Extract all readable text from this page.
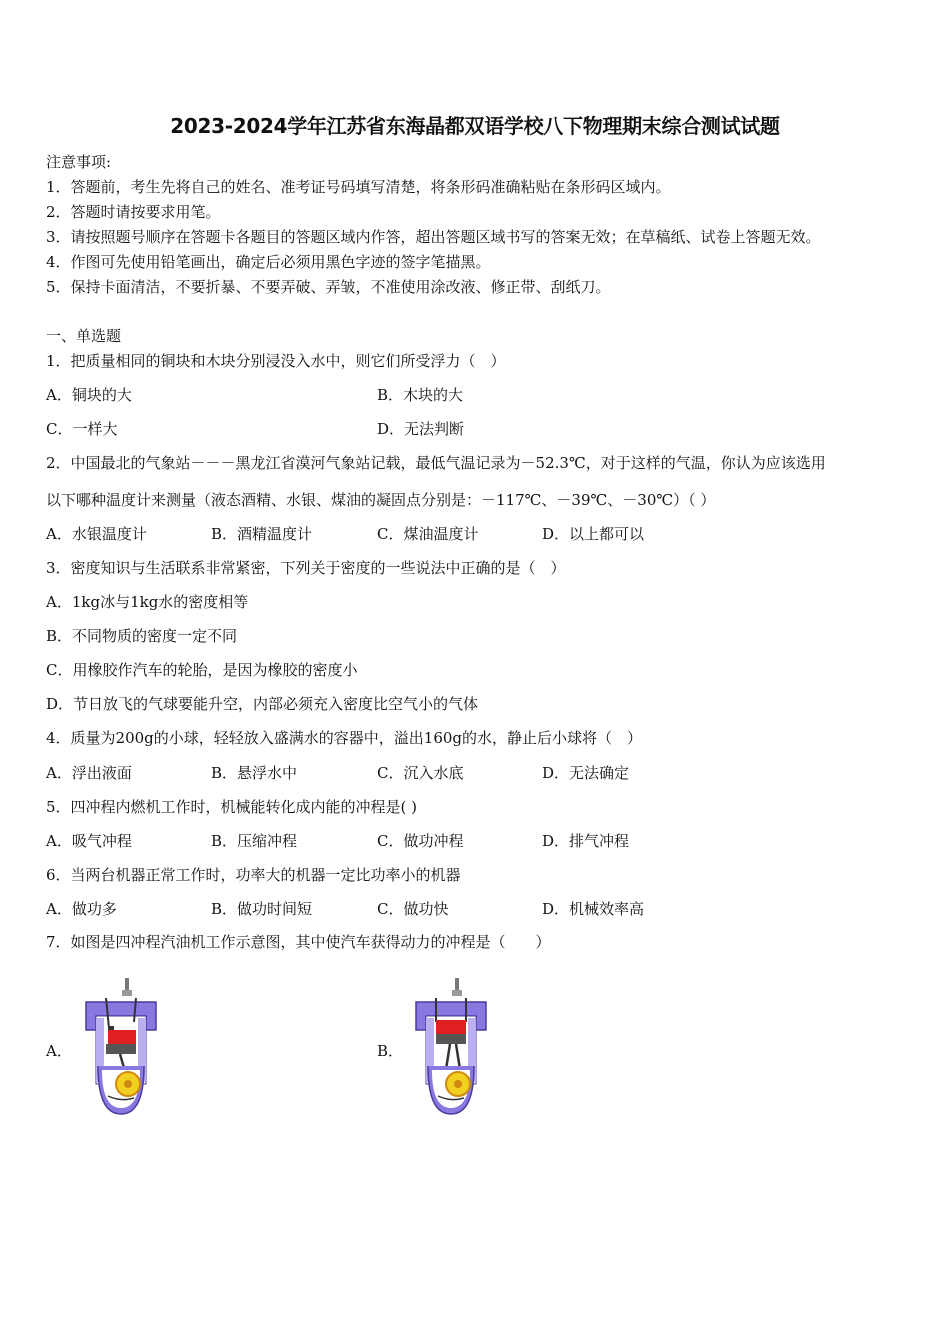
2023-2024学年江苏省东海晶都双语学校八下物理期末综合测试试题
注意事项:
1．答题前，考生先将自己的姓名、准考证号码填写清楚，将条形码准确粘贴在条形码区域内。
2．答题时请按要求用笔。
3．请按照题号顺序在答题卡各题目的答题区域内作答，超出答题区域书写的答案无效；在草稿纸、试卷上答题无效。
4．作图可先使用铅笔画出，确定后必须用黑色字迹的签字笔描黑。
5．保持卡面清洁，不要折暴、不要弄破、弄皱，不准使用涂改液、修正带、刮纸刀。
一、单选题
1．把质量相同的铜块和木块分别浸没入水中，则它们所受浮力（　）
A．铜块的大	B．木块的大
C．一样大	D．无法判断
2．中国最北的气象站－－－黑龙江省漠河气象站记载，最低气温记录为－52.3℃，对于这样的气温，你认为应该选用
以下哪种温度计来测量（液态酒精、水银、煤油的凝固点分别是：－117℃、－39℃、－30℃）（ ）
A．水银温度计	B．酒精温度计	C．煤油温度计	D．以上都可以
3．密度知识与生活联系非常紧密，下列关于密度的一些说法中正确的是（　）
A．1kg冰与1kg水的密度相等
B．不同物质的密度一定不同
C．用橡胶作汽车的轮胎，是因为橡胶的密度小
D．节日放飞的气球要能升空，内部必须充入密度比空气小的气体
4．质量为200g的小球，轻轻放入盛满水的容器中，溢出160g的水，静止后小球将（　）
A．浮出液面	B．悬浮水中	C．沉入水底	D．无法确定
5．四冲程内燃机工作时，机械能转化成内能的冲程是( )
A．吸气冲程	B．压缩冲程	C．做功冲程	D．排气冲程
6．当两台机器正常工作时，功率大的机器一定比功率小的机器
A．做功多	B．做功时间短	C．做功快	D．机械效率高
7．如图是四冲程汽油机工作示意图，其中使汽车获得动力的冲程是（　　）
A．	B．
